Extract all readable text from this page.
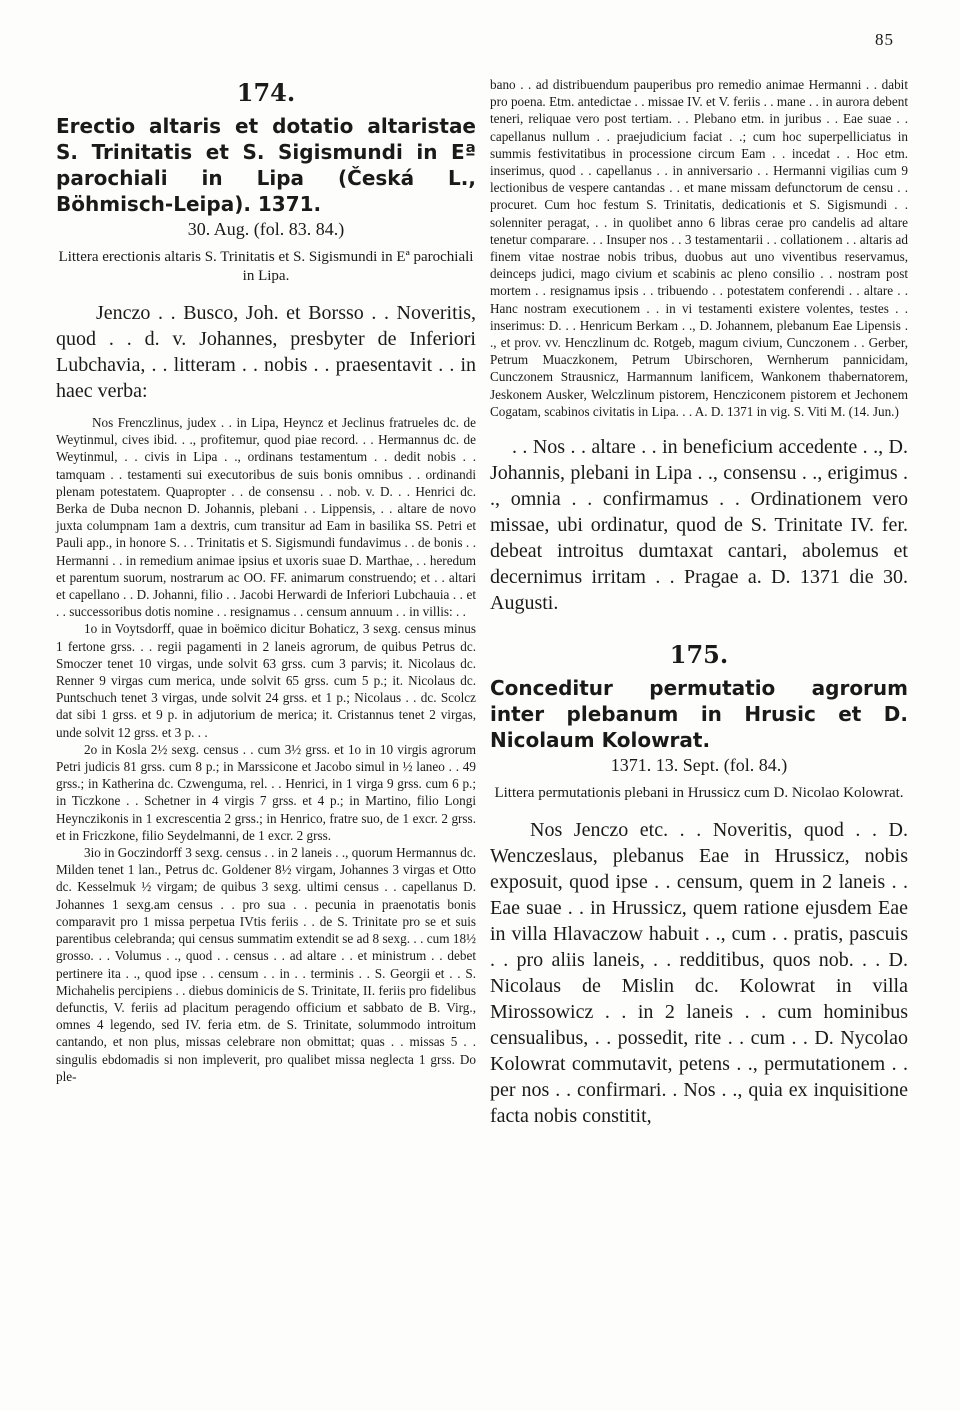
85
174.

Erectio altaris et dotatio altaristae S. Trinitatis et S. Sigismundi in Eª parochiali in Lipa (Česká L., Böhmisch-Leipa). 1371.

30. Aug. (fol. 83. 84.)

Littera erectionis altaris S. Trinitatis et S. Sigismundi in Eª parochiali in Lipa.

Jenczo . . Busco, Joh. et Borsso . . Noveritis, quod . . d. v. Johannes, presbyter de Inferiori Lubchavia, . . litteram . . nobis . . praesentavit . . in haec verba:

Nos Frenczlinus, judex . . in Lipa, Heyncz et Jeclinus fratrueles dc. de Weytinmul, cives ibid. . ., profitemur, quod piae record. . . Hermannus dc. de Weytinmul, . . civis in Lipa . ., ordinans testamentum . . dedit nobis . . tamquam . . testamenti sui executoribus de suis bonis omnibus . . ordinandi plenam potestatem. Quapropter . . de consensu . . nob. v. D. . . Henrici dc. Berka de Duba necnon D. Johannis, plebani . . Lippensis, . . altare de novo juxta columpnam 1am a dextris, cum transitur ad Eam in basilika SS. Petri et Pauli app., in honore S. . . Trinitatis et S. Sigismundi fundavimus . . de bonis . . Hermanni . . in remedium animae ipsius et uxoris suae D. Marthae, . . heredum et parentum suorum, nostrarum ac OO. FF. animarum construendo; et . . altari et capellano . . D. Johanni, filio . . Jacobi Herwardi de Inferiori Lubchauia . . et . . successoribus dotis nomine . . resignamus . . censum annuum . . in villis: . .

1o in Voytsdorff, quae in boëmico dicitur Bohaticz, 3 sexg. census minus 1 fertone grss. . . regii pagamenti in 2 laneis agrorum, de quibus Petrus dc. Smoczer tenet 10 virgas, unde solvit 63 grss. cum 3 parvis; it. Nicolaus dc. Renner 9 virgas cum merica, unde solvit 65 grss. cum 5 p.; it. Nicolaus dc. Puntschuch tenet 3 virgas, unde solvit 24 grss. et 1 p.; Nicolaus . . dc. Scolcz dat sibi 1 grss. et 9 p. in adjutorium de merica; it. Cristannus tenet 2 virgas, unde solvit 12 grss. et 3 p. . .

2o in Kosla 2½ sexg. census . . cum 3½ grss. et 1o in 10 virgis agrorum Petri judicis 81 grss. cum 8 p.; in Marssicone et Jacobo simul in ½ laneo . . 49 grss.; in Katherina dc. Czwenguma, rel. . . Henrici, in 1 virga 9 grss. cum 6 p.; in Ticzkone . . Schetner in 4 virgis 7 grss. et 4 p.; in Martino, filio Longi Heynczikonis in 1 excrescentia 2 grss.; in Henrico, fratre suo, de 1 excr. 2 grss. et in Friczkone, filio Seydelmanni, de 1 excr. 2 grss.

3io in Goczindorff 3 sexg. census . . in 2 laneis . ., quorum Hermannus dc. Milden tenet 1 lan., Petrus dc. Goldener 8½ virgam, Johannes 3 virgas et Otto dc. Kesselmuk ½ virgam; de quibus 3 sexg. ultimi census . . capellanus D. Johannes 1 sexg.am census . . pro sua . . pecunia in praenotatis bonis comparavit pro 1 missa perpetua IVtis feriis . . de S. Trinitate pro se et suis parentibus celebranda; qui census summatim extendit se ad 8 sexg. . . cum 18½ grosso. . . Volumus . ., quod . . census . . ad altare . . et ministrum . . debet pertinere ita . ., quod ipse . . censum . . in . . terminis . . S. Georgii et . . S. Michahelis percipiens . . diebus dominicis de S. Trinitate, II. feriis pro fidelibus defunctis, V. feriis ad placitum peragendo officium et sabbato de B. Virg., omnes 4 legendo, sed IV. feria etm. de S. Trinitate, solummodo introitum cantando, et non plus, missas celebrare non obmittat; quas . . missas 5 . . singulis ebdomadis si non impleverit, pro qualibet missa neglecta 1 grss. Do ple-

bano . . ad distribuendum pauperibus pro remedio animae Hermanni . . dabit pro poena. Etm. antedictae . . missae IV. et V. feriis . . mane . . in aurora debent teneri, reliquae vero post tertiam. . . Plebano etm. in juribus . . Eae suae . . capellanus nullum . . praejudicium faciat . .; cum hoc superpelliciatus in summis festivitatibus in processione circum Eam . . incedat . . Hoc etm. inserimus, quod . . capellanus . . in anniversario . . Hermanni vigilias cum 9 lectionibus de vespere cantandas . . et mane missam defunctorum de censu . . procuret. Cum hoc festum S. Trinitatis, dedicationis et S. Sigismundi . . solenniter peragat, . . in quolibet anno 6 libras cerae pro candelis ad altare tenetur comparare. . . Insuper nos . . 3 testamentarii . . collationem . . altaris ad finem vitae nostrae nobis tribus, duobus aut uno viventibus reservamus, deinceps judici, mago civium et scabinis ac pleno consilio . . nostram post mortem . . resignamus ipsis . . tribuendo . . potestatem conferendi . . altare . . Hanc nostram executionem . . in vi testamenti existere volentes, testes . . inserimus: D. . . Henricum Berkam . ., D. Johannem, plebanum Eae Lipensis . ., et prov. vv. Henczlinum dc. Rotgeb, magum civium, Cunczonem . . Gerber, Petrum Muaczkonem, Petrum Ubirschoren, Wernherum pannicidam, Cunczonem Strausnicz, Harmannum lanificem, Wankonem thabernatorem, Jeskonem Ausker, Welczlinum pistorem, Hencziconem pistorem et Jechonem Cogatam, scabinos civitatis in Lipa. . . A. D. 1371 in vig. S. Viti M. (14. Jun.)

. . Nos . . altare . . in beneficium accedente . ., D. Johannis, plebani in Lipa . ., consensu . ., erigimus . ., omnia . . confirmamus . . Ordinationem vero missae, ubi ordinatur, quod de S. Trinitate IV. fer. debeat introitus dumtaxat cantari, abolemus et decernimus irritam . . Pragae a. D. 1371 die 30. Augusti.

175.

Conceditur permutatio agrorum inter plebanum in Hrusic et D. Nicolaum Kolowrat.

1371. 13. Sept. (fol. 84.)

Littera permutationis plebani in Hrussicz cum D. Nicolao Kolowrat.

Nos Jenczo etc. . . Noveritis, quod . . D. Wenczeslaus, plebanus Eae in Hrussicz, nobis exposuit, quod ipse . . censum, quem in 2 laneis . . Eae suae . . in Hrussicz, quem ratione ejusdem Eae in villa Hlavaczow habuit . ., cum . . pratis, pascuis . . pro aliis laneis, . . redditibus, quos nob. . . D. Nicolaus de Mislin dc. Kolowrat in villa Mirossowicz . . in 2 laneis . . cum hominibus censualibus, . . possedit, rite . . cum . . D. Nycolao Kolowrat commutavit, petens . ., permutationem . . per nos . . confirmari. . Nos . ., quia ex inquisitione facta nobis constitit,
